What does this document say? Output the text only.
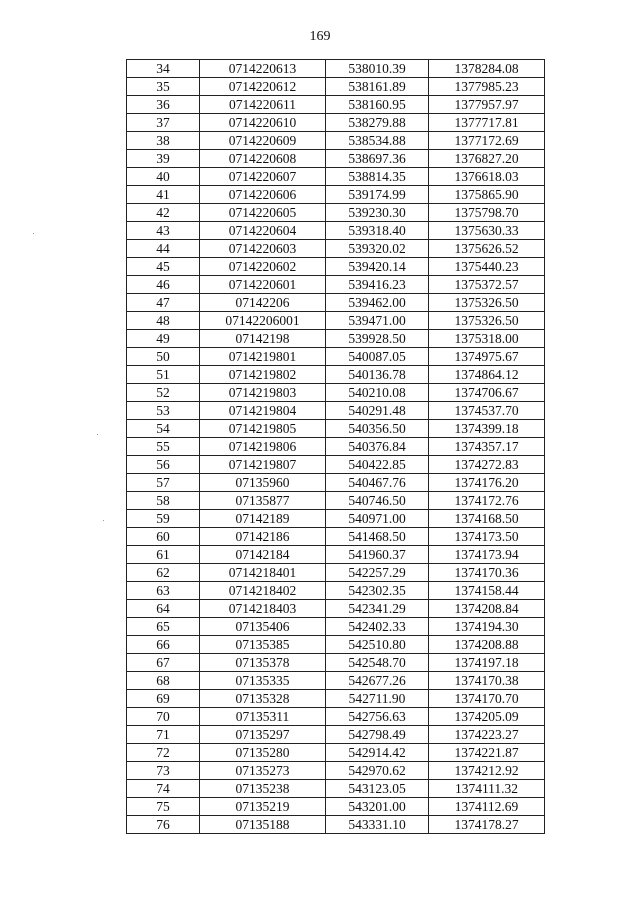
169
34	0714220613	538010.39	1378284.08
35	0714220612	538161.89	1377985.23
36	0714220611	538160.95	1377957.97
37	0714220610	538279.88	1377717.81
38	0714220609	538534.88	1377172.69
39	0714220608	538697.36	1376827.20
40	0714220607	538814.35	1376618.03
41	0714220606	539174.99	1375865.90
42	0714220605	539230.30	1375798.70
43	0714220604	539318.40	1375630.33
44	0714220603	539320.02	1375626.52
45	0714220602	539420.14	1375440.23
46	0714220601	539416.23	1375372.57
47	07142206	539462.00	1375326.50
48	07142206001	539471.00	1375326.50
49	07142198	539928.50	1375318.00
50	0714219801	540087.05	1374975.67
51	0714219802	540136.78	1374864.12
52	0714219803	540210.08	1374706.67
53	0714219804	540291.48	1374537.70
54	0714219805	540356.50	1374399.18
55	0714219806	540376.84	1374357.17
56	0714219807	540422.85	1374272.83
57	07135960	540467.76	1374176.20
58	07135877	540746.50	1374172.76
59	07142189	540971.00	1374168.50
60	07142186	541468.50	1374173.50
61	07142184	541960.37	1374173.94
62	0714218401	542257.29	1374170.36
63	0714218402	542302.35	1374158.44
64	0714218403	542341.29	1374208.84
65	07135406	542402.33	1374194.30
66	07135385	542510.80	1374208.88
67	07135378	542548.70	1374197.18
68	07135335	542677.26	1374170.38
69	07135328	542711.90	1374170.70
70	07135311	542756.63	1374205.09
71	07135297	542798.49	1374223.27
72	07135280	542914.42	1374221.87
73	07135273	542970.62	1374212.92
74	07135238	543123.05	1374111.32
75	07135219	543201.00	1374112.69
76	07135188	543331.10	1374178.27
